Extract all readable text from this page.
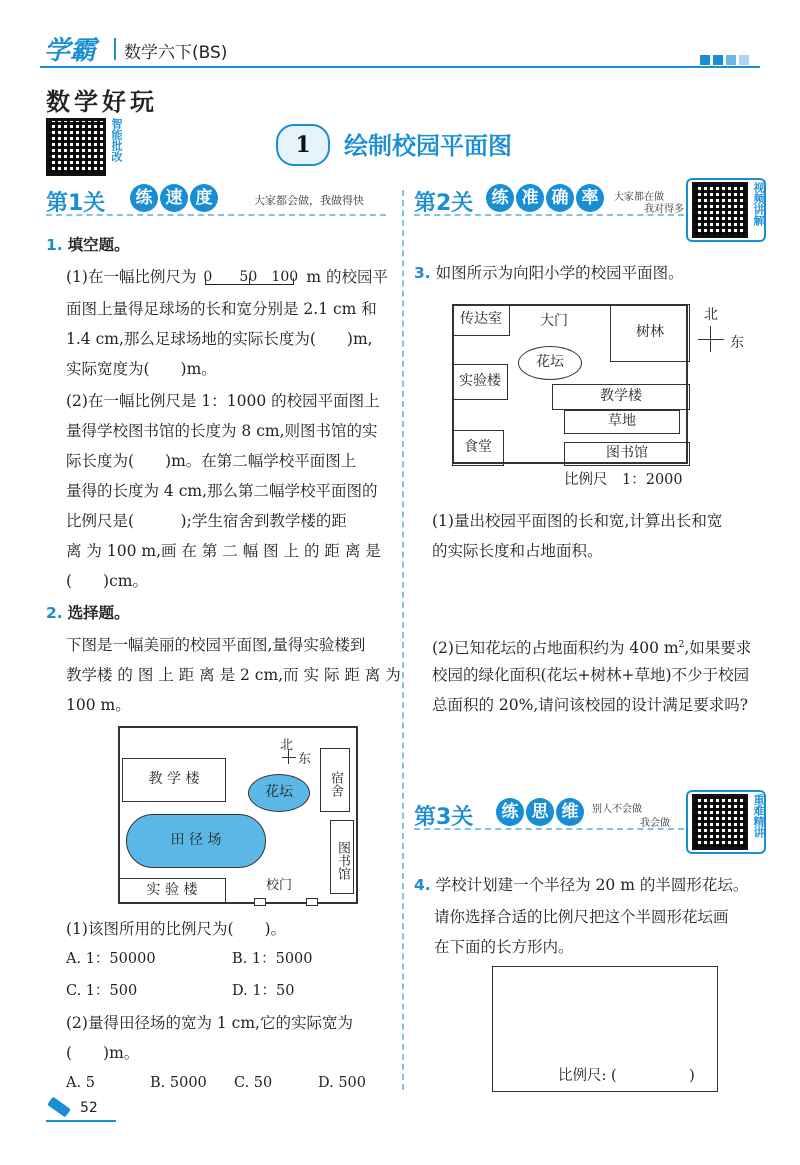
学霸 数学六下(BS)
数学好玩
智能批改	1	绘制校园平面图
第1关	练 速 度	大家都会做，我做得快
1. 填空题。
(1)在一幅比例尺为 0 50 100 m 的校园平
面图上量得足球场的长和宽分别是 2.1 cm 和
1.4 cm,那么足球场地的实际长度为(　　)m,
实际宽度为(　　)m。
(2)在一幅比例尺是 1：1000 的校园平面图上
量得学校图书馆的长度为 8 cm,则图书馆的实
际长度为(　　)m。在第二幅学校平面图上
量得的长度为 4 cm,那么第二幅学校平面图的
比例尺是(　　　);学生宿舍到教学楼的距
离 为 100 m,画 在 第 二 幅 图 上 的 距 离 是
(　　)cm。
2. 选择题。
下图是一幅美丽的校园平面图,量得实验楼到
教学楼 的 图 上 距 离 是 2 cm,而 实 际 距 离 为
100 m。
教 学 楼
花坛	宿舍
田 径 场
图书馆
实 验 楼	校门
北
东
(1)该图所用的比例尺为(　　)。
A. 1：50000	B. 1：5000
C. 1：500	D. 1：50
(2)量得田径场的宽为 1 cm,它的实际宽为
(　　)m。
A. 5	B. 5000 C. 50	D. 500
第2关	练 准 确 率	大家都在做
我对得多	视频讲解
3. 如图所示为向阳小学的校园平面图。
传达室	大门
树林
花坛
实验楼
教学楼
草地
食堂	图书馆
北
东
比例尺　1：2000
(1)量出校园平面图的长和宽,计算出长和宽
的实际长度和占地面积。
(2)已知花坛的占地面积约为 400 $m^2$,如果要求
校园的绿化面积(花坛+树林+草地)不少于校园
总面积的 20%,请问该校园的设计满足要求吗?
第3关	练 思 维	别人不会做
我会做	重难精讲
4. 学校计划建一个半径为 20 m 的半圆形花坛。
请你选择合适的比例尺把这个半圆形花坛画
在下面的长方形内。
比例尺: (　　　　　)
52
